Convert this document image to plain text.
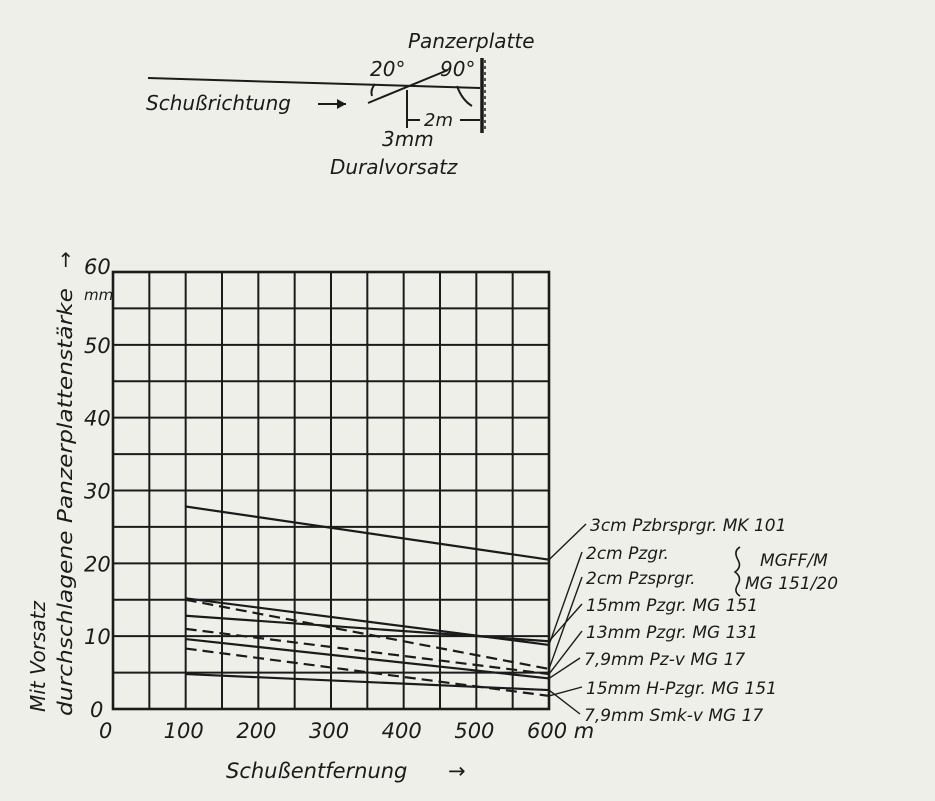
Panzerplatte
20° 90°
Schußrichtung
2m
3mm
Duralvorsatz
0 100 200 300 400 500 600 m
0
10
20
30
40
50
60
3cm Pzbrsprgr. MK 101
2cm Pzgr.
2cm Pzsprgr.
15mm Pzgr. MG 151
13mm Pzgr. MG 131
7,9mm Pz-v MG 17
15mm H-Pzgr. MG 151
7,9mm Smk-v MG 17
MGFF/M
MG 151/20
mm
Mit Vorsatz durchschlagene Panzerplattenstärke
→
Schußentfernung →
